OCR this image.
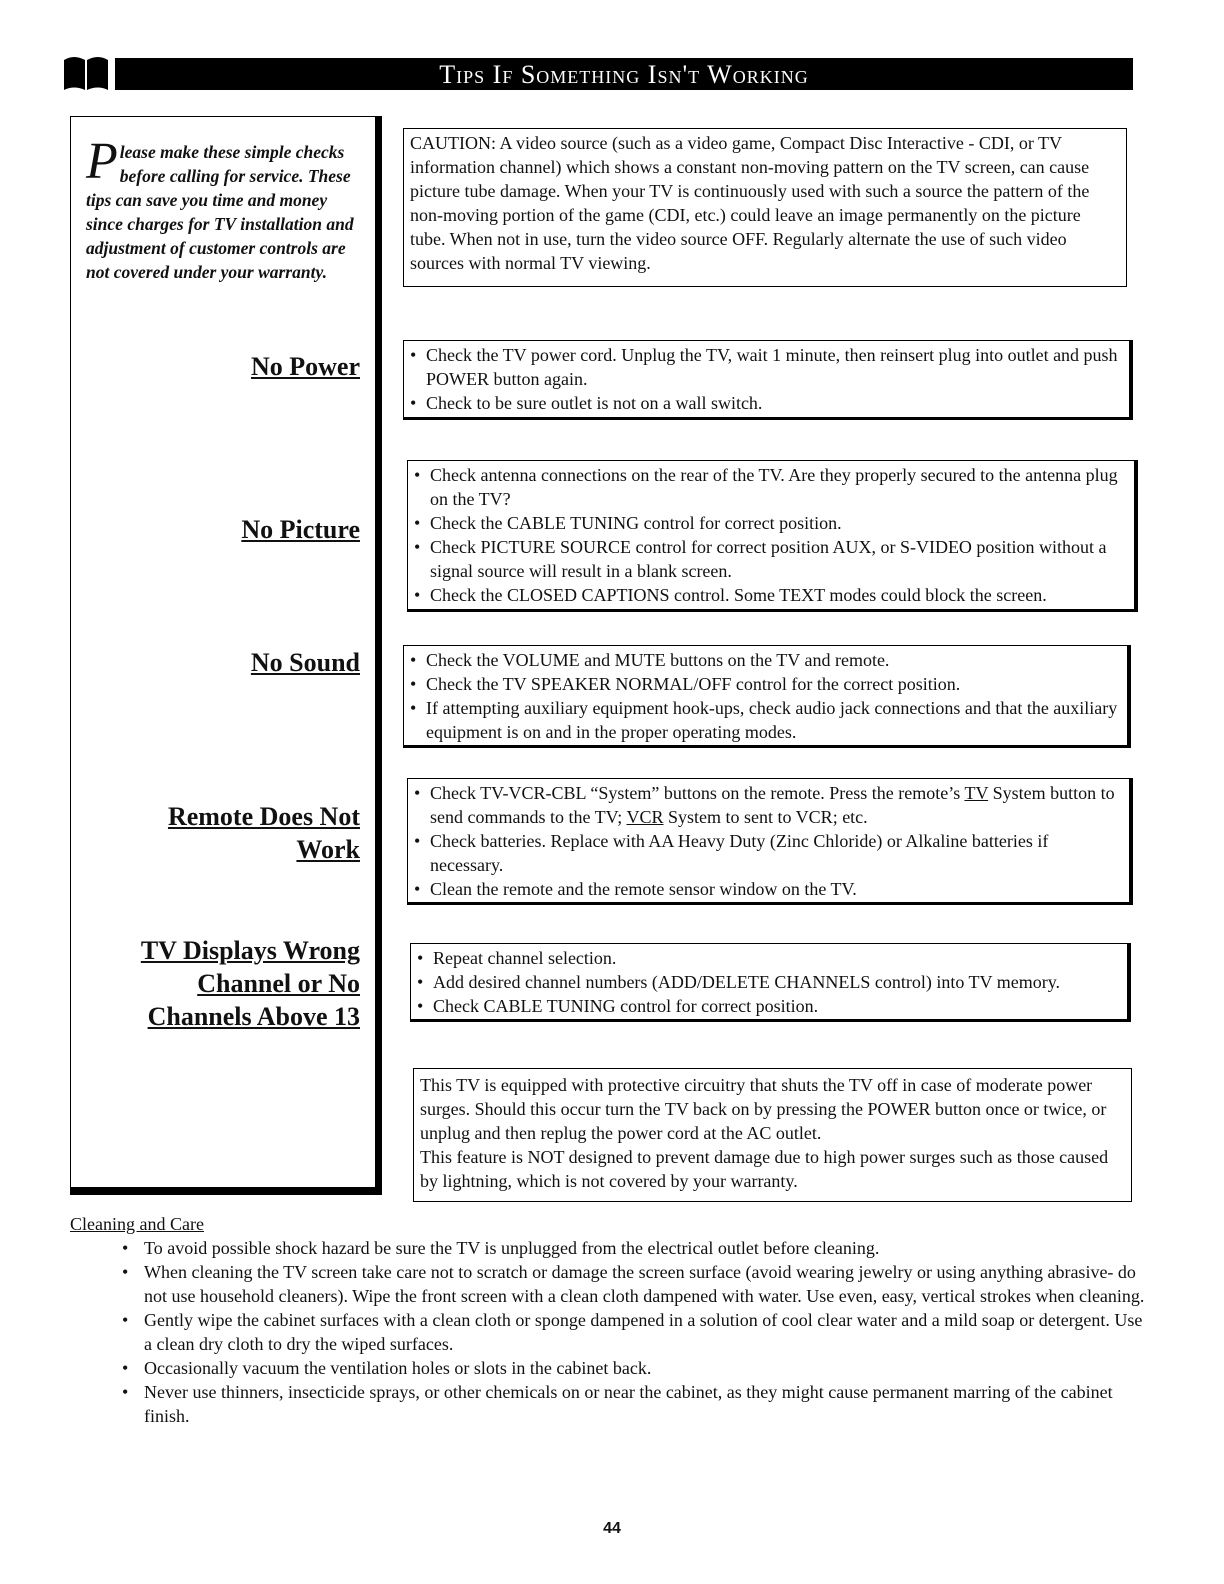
Tips If Something Isn't Working
Please make these simple checks before calling for service. These tips can save you time and money since charges for TV installation and adjustment of customer controls are not covered under your warranty.
No Power
No Picture
No Sound
Remote Does Not
Work
TV Displays Wrong
Channel or No
Channels Above 13
CAUTION: A video source (such as a video game, Compact Disc Interactive - CDI, or TV information channel) which shows a constant non-moving pattern on the TV screen, can cause picture tube damage. When your TV is continuously used with such a source the pattern of the non-moving portion of the game (CDI, etc.) could leave an image permanently on the picture tube. When not in use, turn the video source OFF. Regularly alternate the use of such video sources with normal TV viewing.
• Check the TV power cord. Unplug the TV, wait 1 minute, then reinsert plug into outlet and push POWER button again.
• Check to be sure outlet is not on a wall switch.
• Check antenna connections on the rear of the TV. Are they properly secured to the antenna plug on the TV?
• Check the CABLE TUNING control for correct position.
• Check PICTURE SOURCE control for correct position AUX, or S-VIDEO position without a signal source will result in a blank screen.
• Check the CLOSED CAPTIONS control. Some TEXT modes could block the screen.
• Check the VOLUME and MUTE buttons on the TV and remote.
• Check the TV SPEAKER NORMAL/OFF control for the correct position.
• If attempting auxiliary equipment hook-ups, check audio jack connections and that the auxiliary equipment is on and in the proper operating modes.
• Check TV-VCR-CBL “System” buttons on the remote. Press the remote’s TV System button to send commands to the TV; VCR System to sent to VCR; etc.
• Check batteries. Replace with AA Heavy Duty (Zinc Chloride) or Alkaline batteries if necessary.
• Clean the remote and the remote sensor window on the TV.
• Repeat channel selection.
• Add desired channel numbers (ADD/DELETE CHANNELS control) into TV memory.
• Check CABLE TUNING control for correct position.
This TV is equipped with protective circuitry that shuts the TV off in case of moderate power surges. Should this occur turn the TV back on by pressing the POWER button once or twice, or unplug and then replug the power cord at the AC outlet.
This feature is NOT designed to prevent damage due to high power surges such as those caused by lightning, which is not covered by your warranty.
Cleaning and Care
• To avoid possible shock hazard be sure the TV is unplugged from the electrical outlet before cleaning.
• When cleaning the TV screen take care not to scratch or damage the screen surface (avoid wearing jewelry or using anything abrasive- do not use household cleaners). Wipe the front screen with a clean cloth dampened with water. Use even, easy, vertical strokes when cleaning.
• Gently wipe the cabinet surfaces with a clean cloth or sponge dampened in a solution of cool clear water and a mild soap or detergent. Use a clean dry cloth to dry the wiped surfaces.
• Occasionally vacuum the ventilation holes or slots in the cabinet back.
• Never use thinners, insecticide sprays, or other chemicals on or near the cabinet, as they might cause permanent marring of the cabinet finish.
44
